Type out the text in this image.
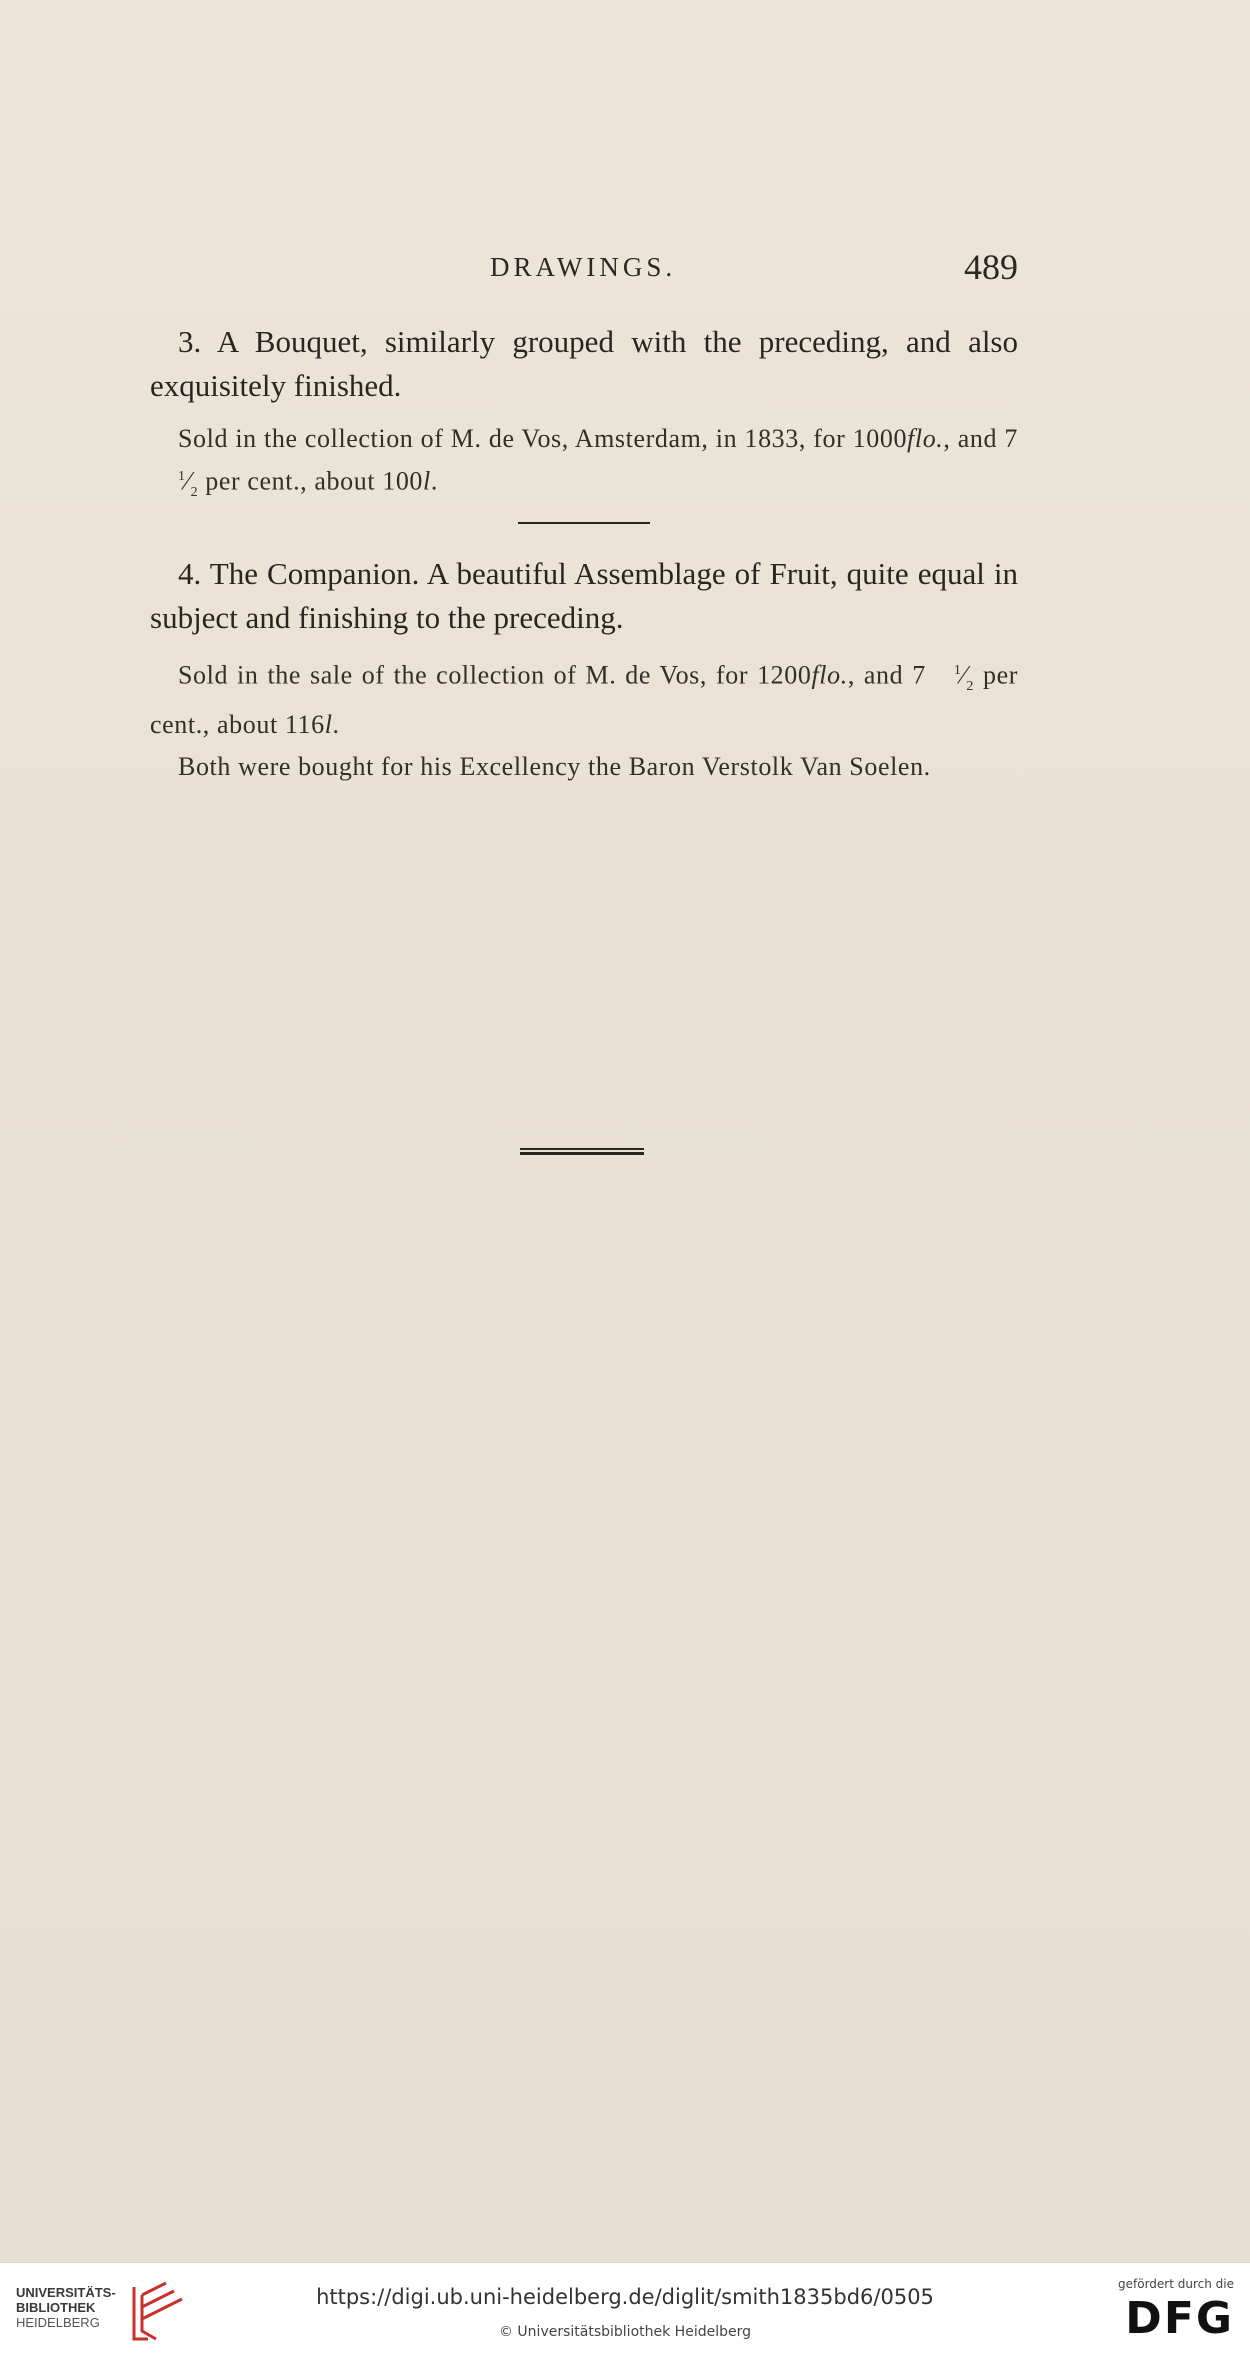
DRAWINGS.	489

3. A Bouquet, similarly grouped with the preceding, and also exquisitely finished.

Sold in the collection of M. de Vos, Amsterdam, in 1833, for 1000flo., and $7^1⁄_2$ per cent., about 100l.

4. The Companion. A beautiful Assemblage of Fruit, quite equal in subject and finishing to the preceding.

Sold in the sale of the collection of M. de Vos, for 1200flo., and 7 $^1⁄_2$ per cent., about 116l.

Both were bought for his Excellency the Baron Verstolk Van Soelen.

UNIVERSITÄTS-
BIBLIOTHEK
HEIDELBERG
https://digi.ub.uni-heidelberg.de/diglit/smith1835bd6/0505
© Universitätsbibliothek Heidelberg
gefördert durch die
DFG
